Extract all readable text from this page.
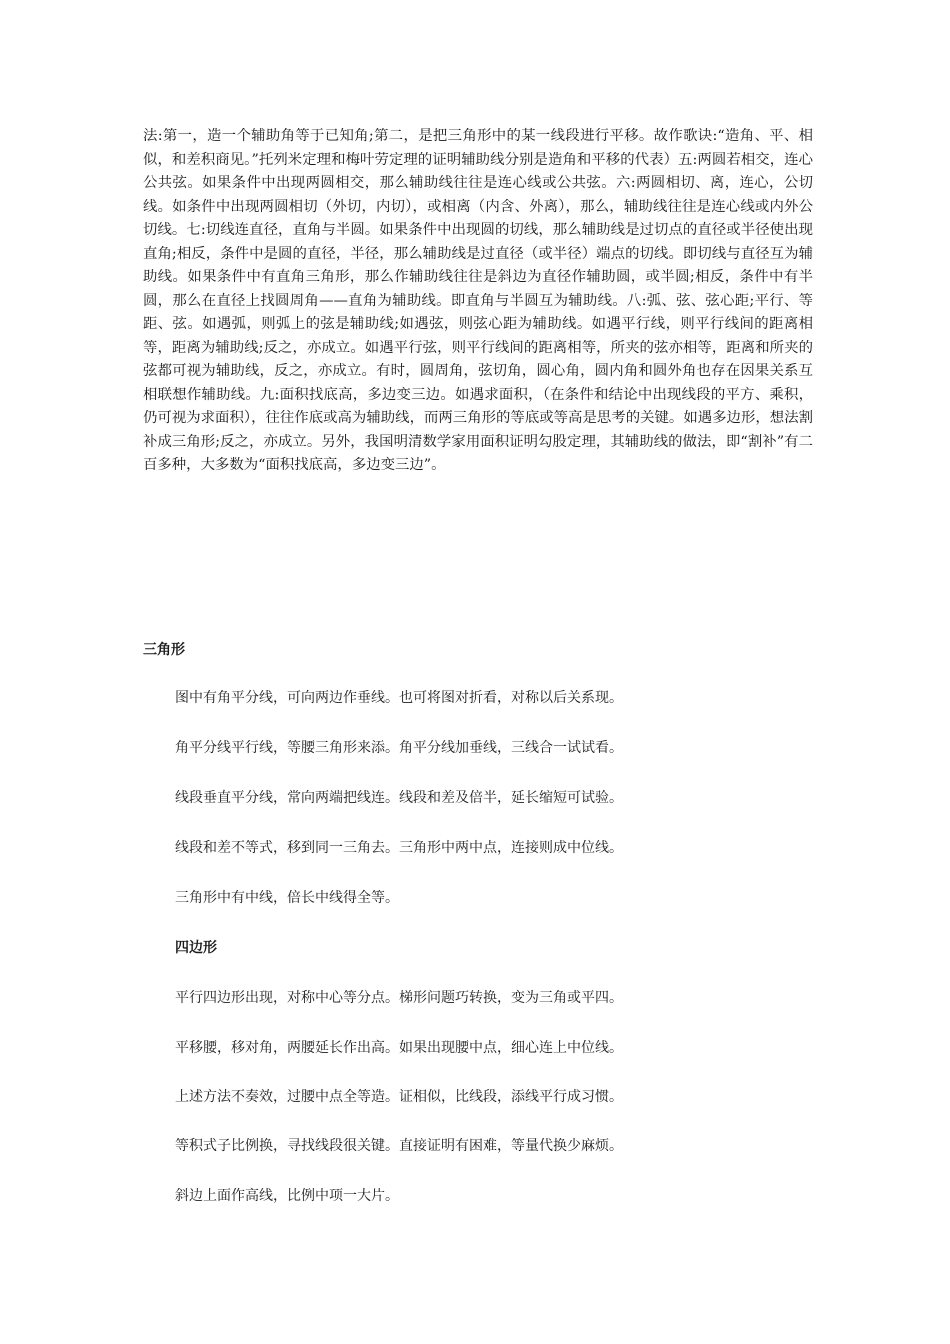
法:第一，造一个辅助角等于已知角;第二，是把三角形中的某一线段进行平移。故作歌诀:“造角、平、相似，和差积商见。”托列米定理和梅叶劳定理的证明辅助线分别是造角和平移的代表）五:两圆若相交，连心公共弦。如果条件中出现两圆相交，那么辅助线往往是连心线或公共弦。六:两圆相切、离，连心，公切线。如条件中出现两圆相切（外切，内切），或相离（内含、外离），那么，辅助线往往是连心线或内外公切线。七:切线连直径，直角与半圆。如果条件中出现圆的切线，那么辅助线是过切点的直径或半径使出现直角;相反，条件中是圆的直径，半径，那么辅助线是过直径（或半径）端点的切线。即切线与直径互为辅助线。如果条件中有直角三角形，那么作辅助线往往是斜边为直径作辅助圆，或半圆;相反，条件中有半圆，那么在直径上找圆周角——直角为辅助线。即直角与半圆互为辅助线。八:弧、弦、弦心距;平行、等距、弦。如遇弧，则弧上的弦是辅助线;如遇弦，则弦心距为辅助线。如遇平行线，则平行线间的距离相等，距离为辅助线;反之，亦成立。如遇平行弦，则平行线间的距离相等，所夹的弦亦相等，距离和所夹的弦都可视为辅助线，反之，亦成立。有时，圆周角，弦切角，圆心角，圆内角和圆外角也存在因果关系互相联想作辅助线。九:面积找底高，多边变三边。如遇求面积，（在条件和结论中出现线段的平方、乘积，仍可视为求面积），往往作底或高为辅助线，而两三角形的等底或等高是思考的关键。如遇多边形，想法割补成三角形;反之，亦成立。另外，我国明清数学家用面积证明勾股定理，其辅助线的做法，即“割补”有二百多种，大多数为“面积找底高，多边变三边”。

三角形

图中有角平分线，可向两边作垂线。也可将图对折看，对称以后关系现。

角平分线平行线，等腰三角形来添。角平分线加垂线，三线合一试试看。

线段垂直平分线，常向两端把线连。线段和差及倍半，延长缩短可试验。

线段和差不等式，移到同一三角去。三角形中两中点，连接则成中位线。

三角形中有中线，倍长中线得全等。

四边形

平行四边形出现，对称中心等分点。梯形问题巧转换，变为三角或平四。

平移腰，移对角，两腰延长作出高。如果出现腰中点，细心连上中位线。

上述方法不奏效，过腰中点全等造。证相似，比线段，添线平行成习惯。

等积式子比例换，寻找线段很关键。直接证明有困难，等量代换少麻烦。

斜边上面作高线，比例中项一大片。
